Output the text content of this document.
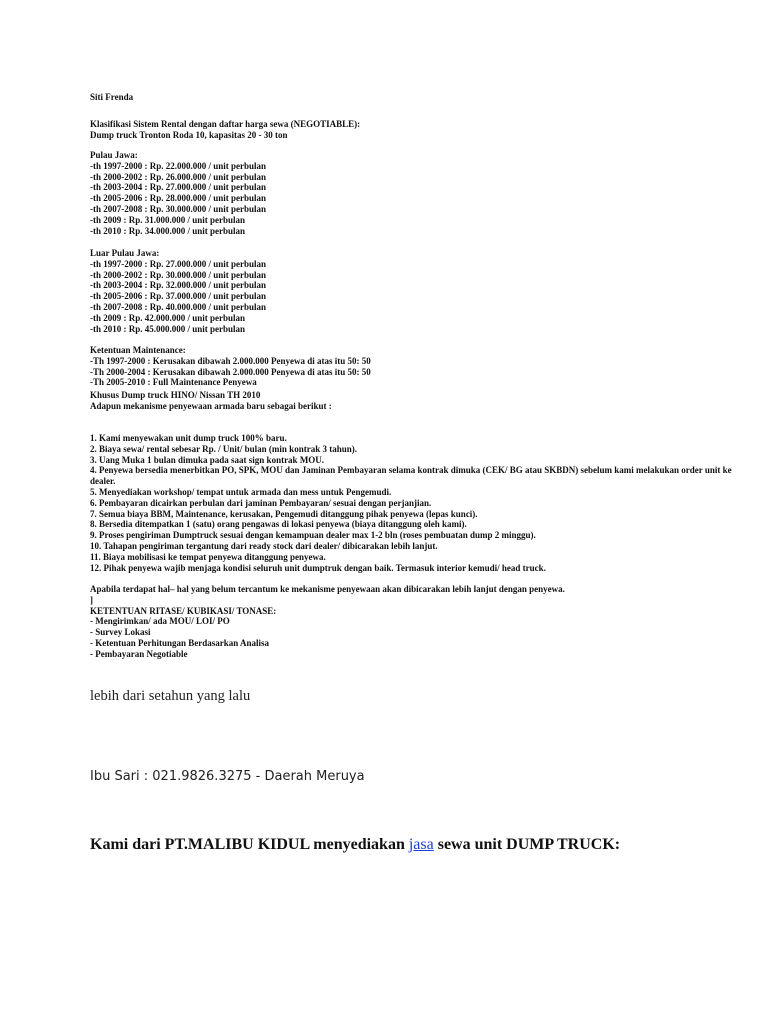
Siti Frenda
Klasifikasi Sistem Rental dengan daftar harga sewa (NEGOTIABLE):
Dump truck Tronton Roda 10, kapasitas 20 - 30 ton
Pulau Jawa:
-th 1997-2000 : Rp. 22.000.000 / unit perbulan
-th 2000-2002 : Rp. 26.000.000 / unit perbulan
-th 2003-2004 : Rp. 27.000.000 / unit perbulan
-th 2005-2006 : Rp. 28.000.000 / unit perbulan
-th 2007-2008 : Rp. 30.000.000 / unit perbulan
-th 2009 : Rp. 31.000.000 / unit perbulan
-th 2010 : Rp. 34.000.000 / unit perbulan
Luar Pulau Jawa:
-th 1997-2000 : Rp. 27.000.000 / unit perbulan
-th 2000-2002 : Rp. 30.000.000 / unit perbulan
-th 2003-2004 : Rp. 32.000.000 / unit perbulan
-th 2005-2006 : Rp. 37.000.000 / unit perbulan
-th 2007-2008 : Rp. 40.000.000 / unit perbulan
-th 2009 : Rp. 42.000.000 / unit perbulan
-th 2010 : Rp. 45.000.000 / unit perbulan
Ketentuan Maintenance:
-Th 1997-2000 : Kerusakan dibawah 2.000.000 Penyewa di atas itu 50: 50
-Th 2000-2004 : Kerusakan dibawah 2.000.000 Penyewa di atas itu 50: 50
-Th 2005-2010 : Full Maintenance Penyewa
Khusus Dump truck HINO/ Nissan TH 2010
Adapun mekanisme penyewaan armada baru sebagai berikut :
1. Kami menyewakan unit dump truck 100% baru.
2. Biaya sewa/ rental sebesar Rp. / Unit/ bulan (min kontrak 3 tahun).
3. Uang Muka 1 bulan dimuka pada saat sign kontrak MOU.
4. Penyewa bersedia menerbitkan PO, SPK, MOU dan Jaminan Pembayaran selama kontrak dimuka (CEK/ BG atau SKBDN) sebelum kami melakukan order unit ke dealer.
5. Menyediakan workshop/ tempat untuk armada dan mess untuk Pengemudi.
6. Pembayaran dicairkan perbulan dari jaminan Pembayaran/ sesuai dengan perjanjian.
7. Semua biaya BBM, Maintenance, kerusakan, Pengemudi ditanggung pihak penyewa (lepas kunci).
8. Bersedia ditempatkan 1 (satu) orang pengawas di lokasi penyewa (biaya ditanggung oleh kami).
9. Proses pengiriman Dumptruck sesuai dengan kemampuan dealer max 1-2 bln (roses pembuatan dump 2 minggu).
10. Tahapan pengiriman tergantung dari ready stock dari dealer/ dibicarakan lebih lanjut.
11. Biaya mobilisasi ke tempat penyewa ditanggung penyewa.
12. Pihak penyewa wajib menjaga kondisi seluruh unit dumptruk dengan baik. Termasuk interior kemudi/ head truck.
Apabila terdapat hal– hal yang belum tercantum ke mekanisme penyewaan akan dibicarakan lebih lanjut dengan penyewa.
]
KETENTUAN RITASE/ KUBIKASI/ TONASE:
- Mengirimkan/ ada MOU/ LOI/ PO
- Survey Lokasi
- Ketentuan Perhitungan Berdasarkan Analisa
- Pembayaran Negotiable
lebih dari setahun yang lalu
Ibu Sari : 021.9826.3275 - Daerah Meruya
Kami dari PT.MALIBU KIDUL menyediakan jasa sewa unit DUMP TRUCK:
